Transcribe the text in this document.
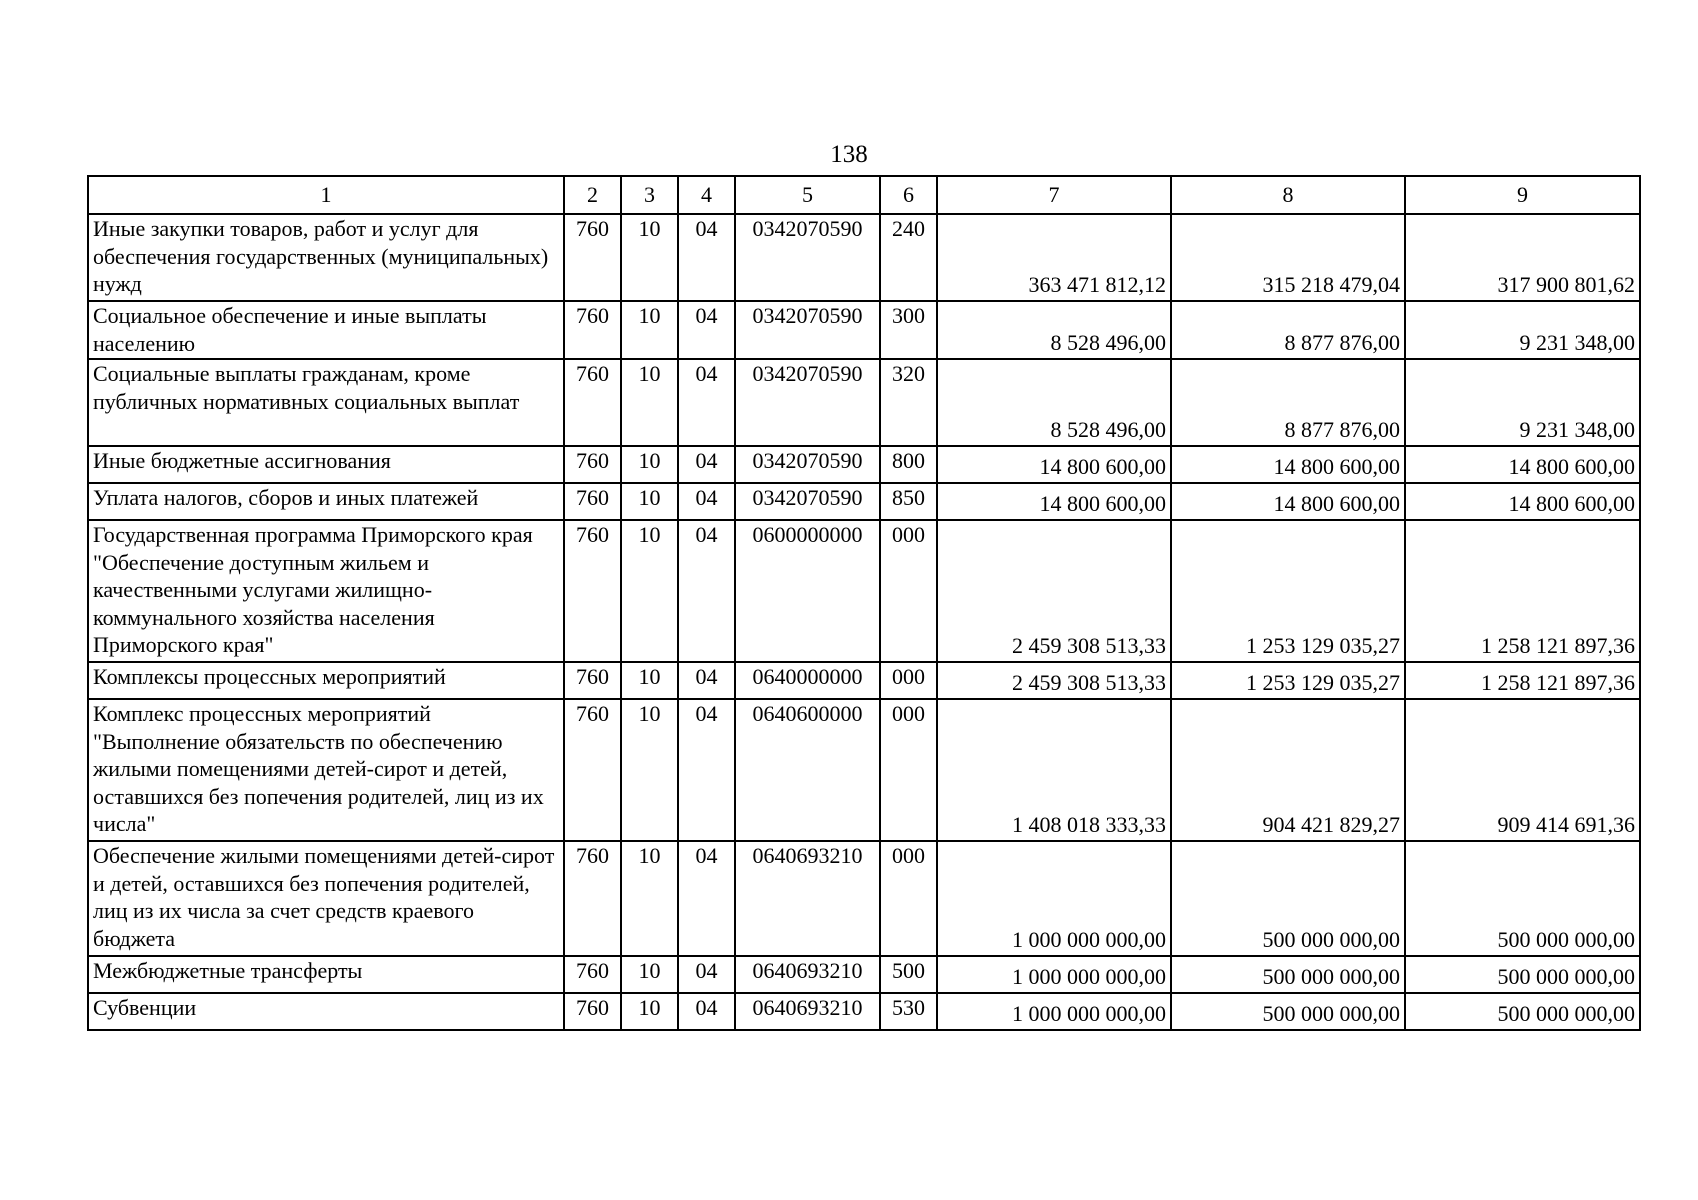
138
1	2	3	4	5	6	7	8	9
Иные закупки товаров, работ и услуг для обеспечения государственных (муниципальных) нужд	760	10	04	0342070590	240	363 471 812,12	315 218 479,04	317 900 801,62
Социальное обеспечение и иные выплаты населению	760	10	04	0342070590	300	8 528 496,00	8 877 876,00	9 231 348,00
Социальные выплаты гражданам, кроме публичных нормативных социальных выплат	760	10	04	0342070590	320	8 528 496,00	8 877 876,00	9 231 348,00
Иные бюджетные ассигнования	760	10	04	0342070590	800	14 800 600,00	14 800 600,00	14 800 600,00
Уплата налогов, сборов и иных платежей	760	10	04	0342070590	850	14 800 600,00	14 800 600,00	14 800 600,00
Государственная программа Приморского края "Обеспечение доступным жильем и качественными услугами жилищно-коммунального хозяйства населения Приморского края"	760	10	04	0600000000	000	2 459 308 513,33	1 253 129 035,27	1 258 121 897,36
Комплексы процессных мероприятий	760	10	04	0640000000	000	2 459 308 513,33	1 253 129 035,27	1 258 121 897,36
Комплекс процессных мероприятий "Выполнение обязательств по обеспечению жилыми помещениями детей-сирот и детей, оставшихся без попечения родителей, лиц из их числа"	760	10	04	0640600000	000	1 408 018 333,33	904 421 829,27	909 414 691,36
Обеспечение жилыми помещениями детей-сирот и детей, оставшихся без попечения родителей, лиц из их числа за счет средств краевого бюджета	760	10	04	0640693210	000	1 000 000 000,00	500 000 000,00	500 000 000,00
Межбюджетные трансферты	760	10	04	0640693210	500	1 000 000 000,00	500 000 000,00	500 000 000,00
Субвенции	760	10	04	0640693210	530	1 000 000 000,00	500 000 000,00	500 000 000,00
